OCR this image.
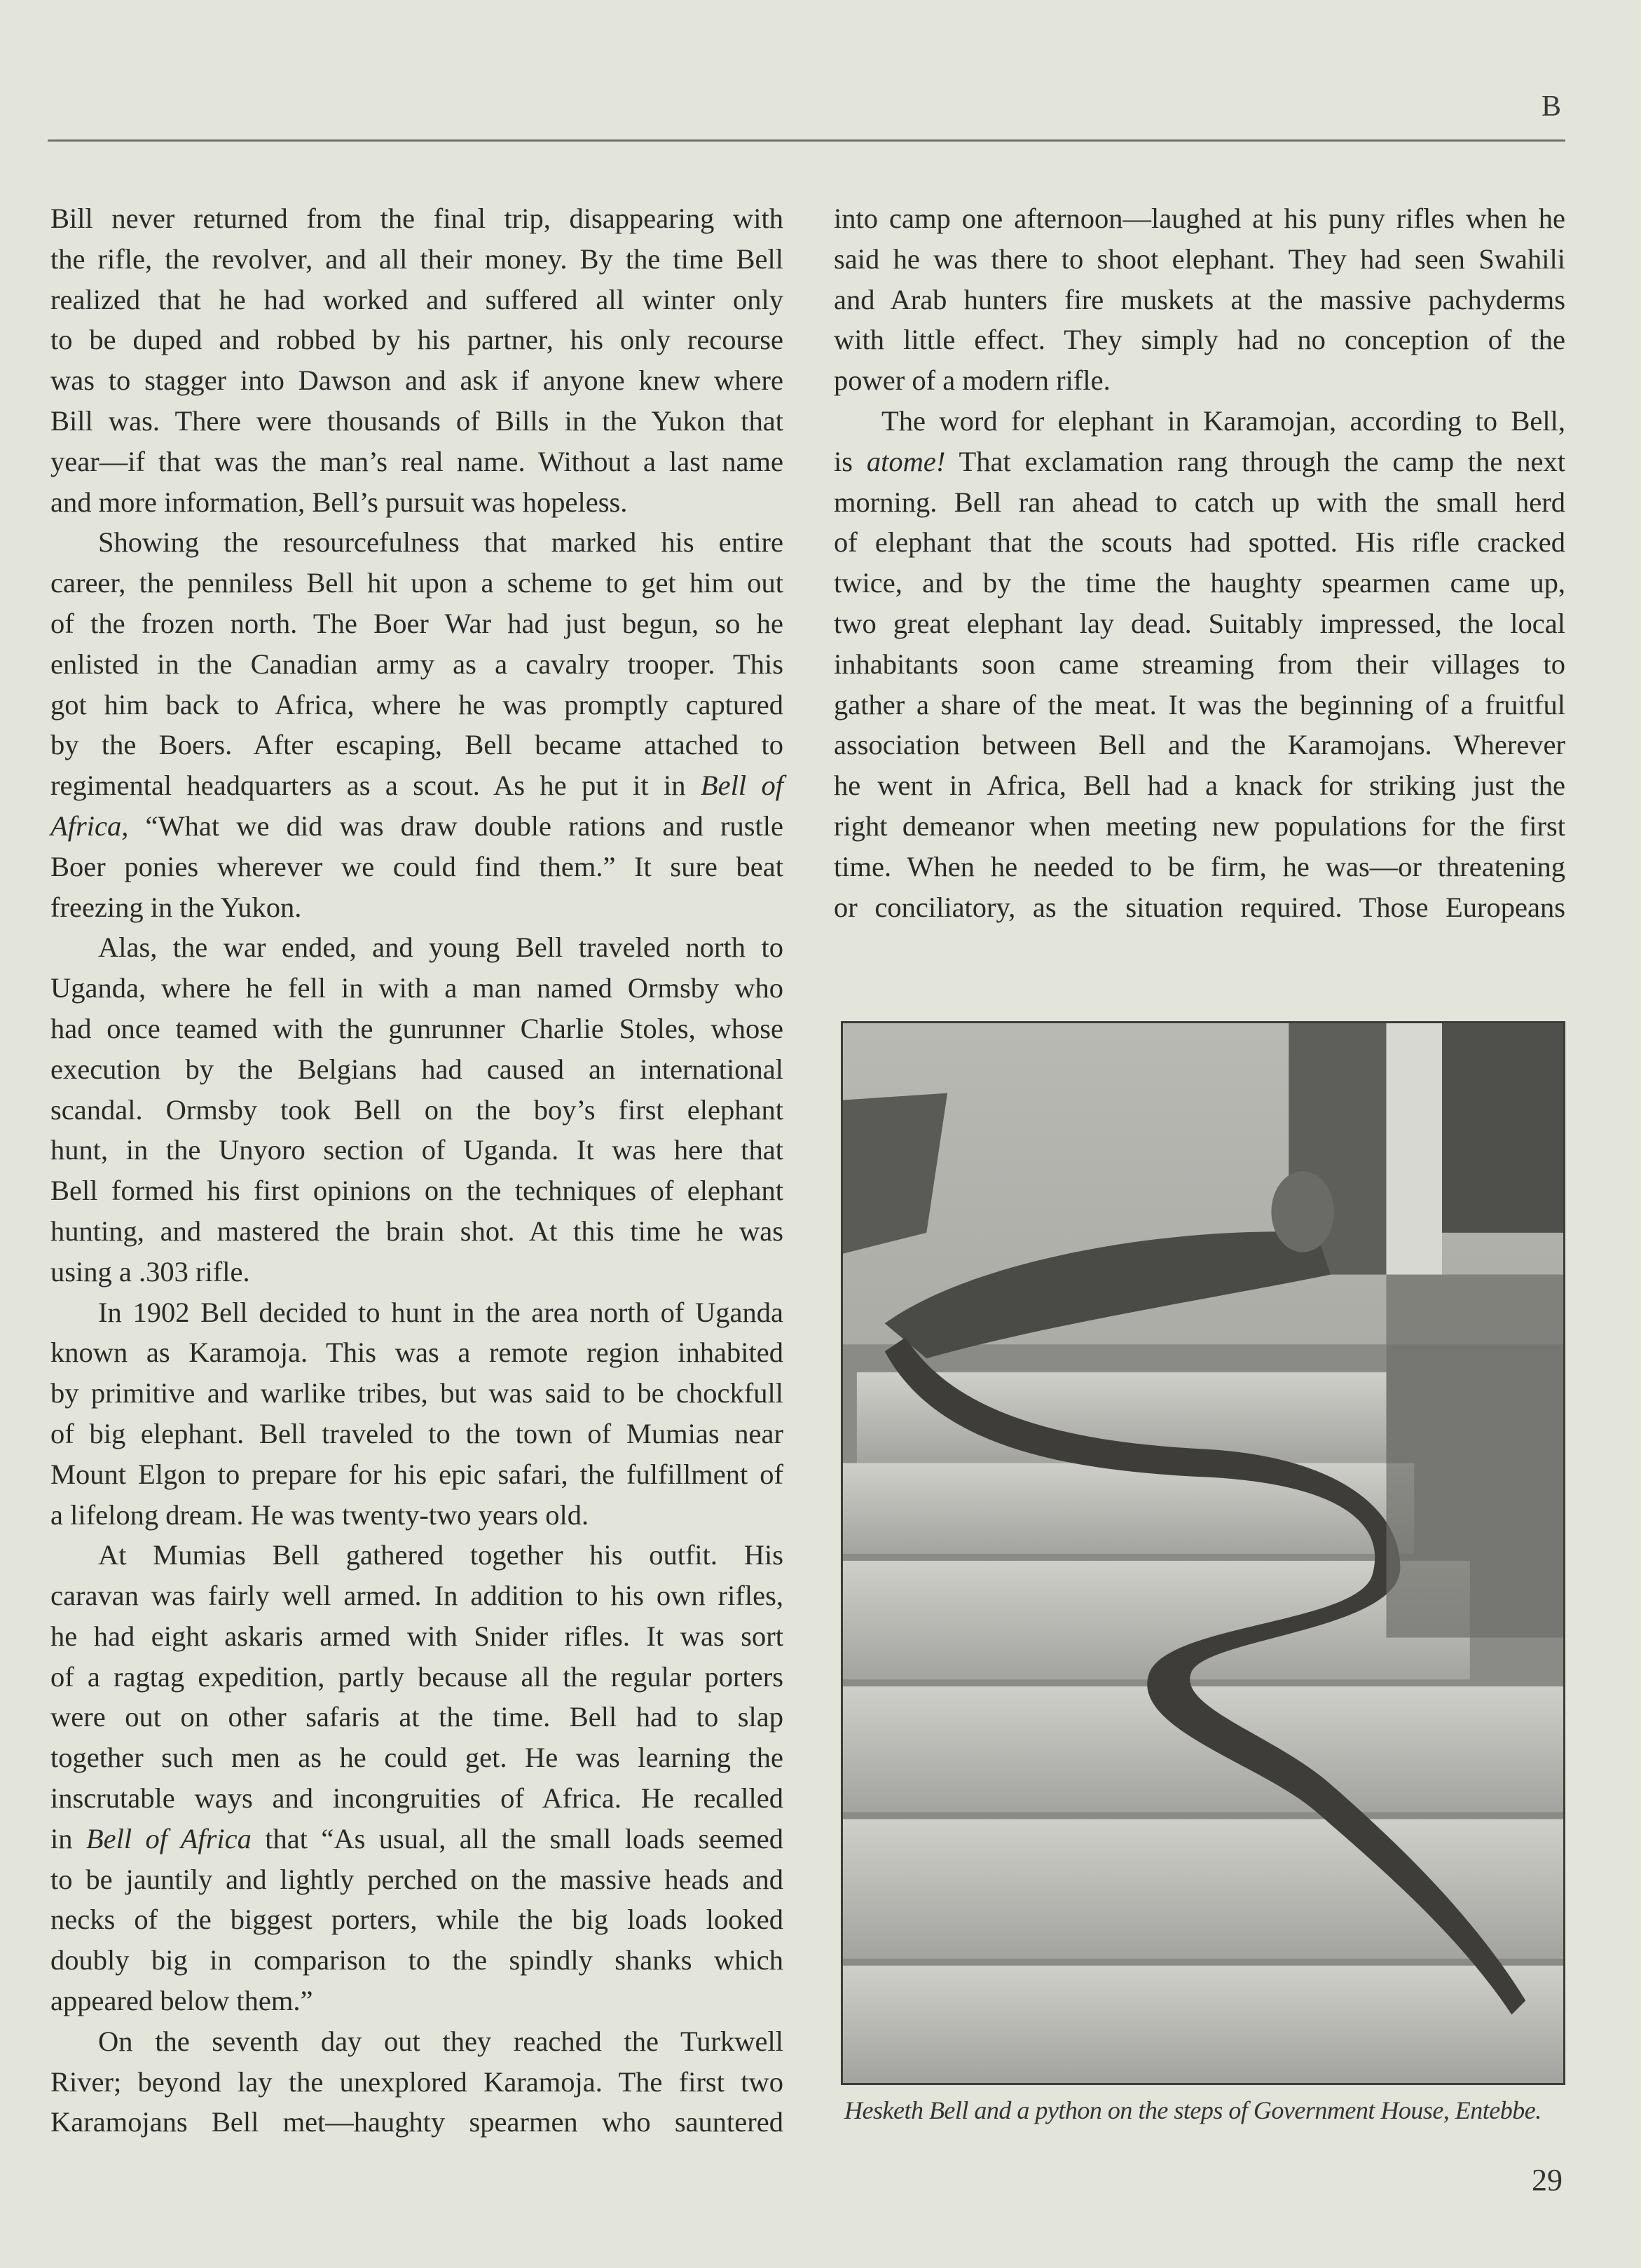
B
Bill never returned from the final trip, disappearing with
the rifle, the revolver, and all their money. By the time Bell
realized that he had worked and suffered all winter only
to be duped and robbed by his partner, his only recourse
was to stagger into Dawson and ask if anyone knew where
Bill was. There were thousands of Bills in the Yukon that
year—if that was the man’s real name. Without a last name
and more information, Bell’s pursuit was hopeless.
Showing the resourcefulness that marked his entire
career, the penniless Bell hit upon a scheme to get him out
of the frozen north. The Boer War had just begun, so he
enlisted in the Canadian army as a cavalry trooper. This
got him back to Africa, where he was promptly captured
by the Boers. After escaping, Bell became attached to
regimental headquarters as a scout. As he put it in Bell of
Africa, “What we did was draw double rations and rustle
Boer ponies wherever we could find them.” It sure beat
freezing in the Yukon.
Alas, the war ended, and young Bell traveled north to
Uganda, where he fell in with a man named Ormsby who
had once teamed with the gunrunner Charlie Stoles, whose
execution by the Belgians had caused an international
scandal. Ormsby took Bell on the boy’s first elephant
hunt, in the Unyoro section of Uganda. It was here that
Bell formed his first opinions on the techniques of elephant
hunting, and mastered the brain shot. At this time he was
using a .303 rifle.
In 1902 Bell decided to hunt in the area north of Uganda
known as Karamoja. This was a remote region inhabited
by primitive and warlike tribes, but was said to be chockfull
of big elephant. Bell traveled to the town of Mumias near
Mount Elgon to prepare for his epic safari, the fulfillment of
a lifelong dream. He was twenty-two years old.
At Mumias Bell gathered together his outfit. His
caravan was fairly well armed. In addition to his own rifles,
he had eight askaris armed with Snider rifles. It was sort
of a ragtag expedition, partly because all the regular porters
were out on other safaris at the time. Bell had to slap
together such men as he could get. He was learning the
inscrutable ways and incongruities of Africa. He recalled
in Bell of Africa that “As usual, all the small loads seemed
to be jauntily and lightly perched on the massive heads and
necks of the biggest porters, while the big loads looked
doubly big in comparison to the spindly shanks which
appeared below them.”
On the seventh day out they reached the Turkwell
River; beyond lay the unexplored Karamoja. The first two
Karamojans Bell met—haughty spearmen who sauntered
into camp one afternoon—laughed at his puny rifles when he
said he was there to shoot elephant. They had seen Swahili
and Arab hunters fire muskets at the massive pachyderms
with little effect. They simply had no conception of the
power of a modern rifle.
The word for elephant in Karamojan, according to Bell,
is atome! That exclamation rang through the camp the next
morning. Bell ran ahead to catch up with the small herd
of elephant that the scouts had spotted. His rifle cracked
twice, and by the time the haughty spearmen came up,
two great elephant lay dead. Suitably impressed, the local
inhabitants soon came streaming from their villages to
gather a share of the meat. It was the beginning of a fruitful
association between Bell and the Karamojans. Wherever
he went in Africa, Bell had a knack for striking just the
right demeanor when meeting new populations for the first
time. When he needed to be firm, he was—or threatening
or conciliatory, as the situation required. Those Europeans
Hesketh Bell and a python on the steps of Government House, Entebbe.
29
